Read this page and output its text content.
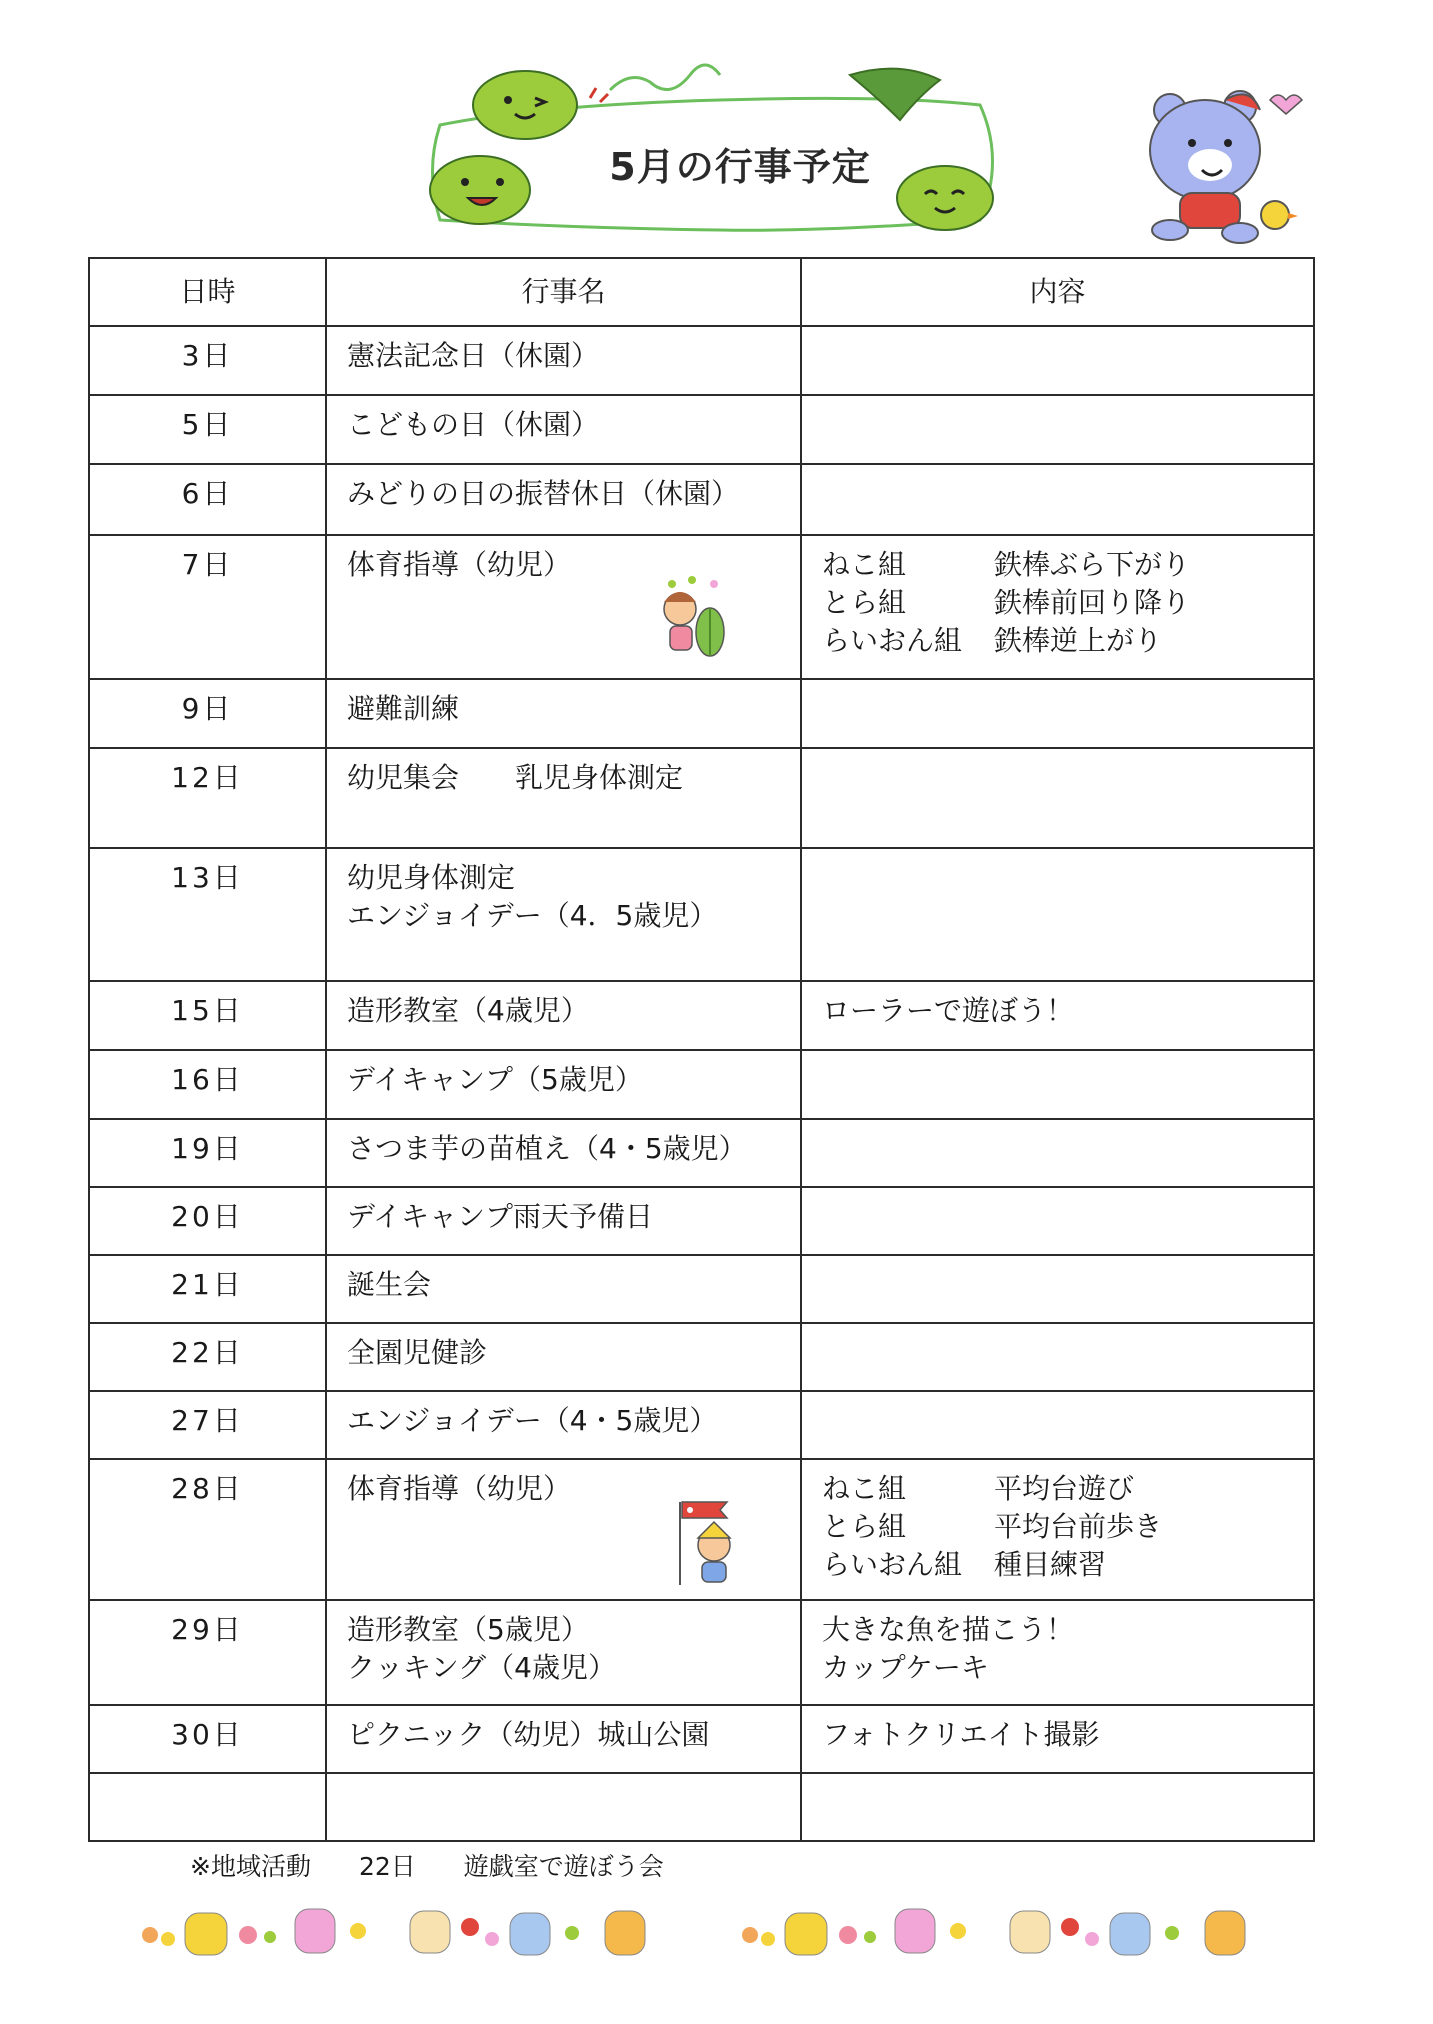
5月の行事予定
日時	行事名	内容
3日	憲法記念日（休園）	

5日	こどもの日（休園）	

6日	みどりの日の振替休日（休園）	

7日	体育指導（幼児）	ねこ組 鉄棒ぶら下がり
とら組 鉄棒前回り降り
らいおん組 鉄棒逆上がり

9日	避難訓練	

12日	幼児集会　　乳児身体測定	

13日	幼児身体測定
エンジョイデー（4．5歳児）	

15日	造形教室（4歳児）	ローラーで遊ぼう！

16日	デイキャンプ（5歳児）	

19日	さつま芋の苗植え（4・5歳児）	

20日	デイキャンプ雨天予備日	

21日	誕生会	

22日	全園児健診	

27日	エンジョイデー（4・5歳児）	

28日	体育指導（幼児）	ねこ組 平均台遊び
とら組 平均台前歩き
らいおん組 種目練習

29日	造形教室（5歳児）
クッキング（4歳児）	大きな魚を描こう！
カップケーキ

30日	ピクニック（幼児）城山公園	フォトクリエイト撮影

※地域活動 22日 遊戯室で遊ぼう会
